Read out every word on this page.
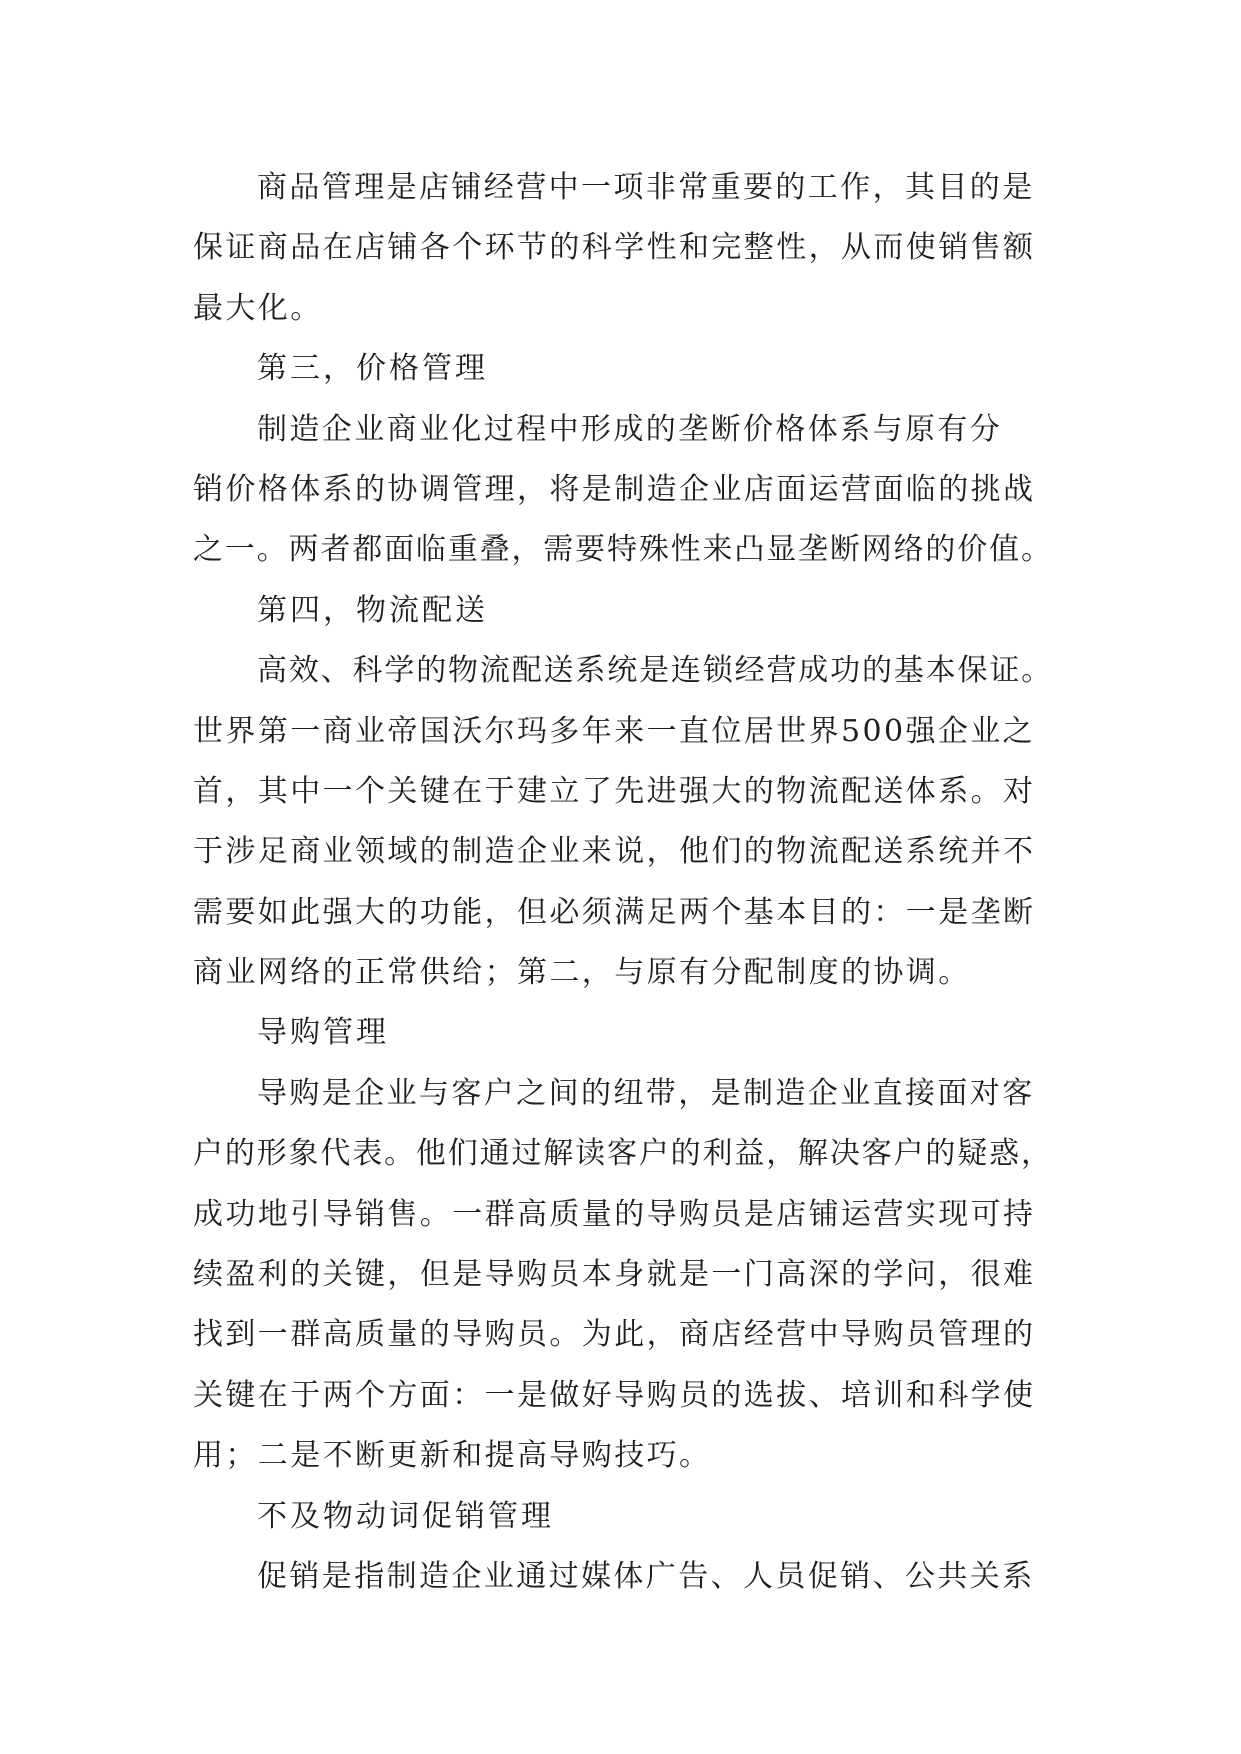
商品管理是店铺经营中一项非常重要的工作，其目的是
保证商品在店铺各个环节的科学性和完整性，从而使销售额
最大化。
第三，价格管理
制造企业商业化过程中形成的垄断价格体系与原有分
销价格体系的协调管理，将是制造企业店面运营面临的挑战
之一。两者都面临重叠，需要特殊性来凸显垄断网络的价值。
第四，物流配送
高效、科学的物流配送系统是连锁经营成功的基本保证。
世界第一商业帝国沃尔玛多年来一直位居世界500强企业之
首，其中一个关键在于建立了先进强大的物流配送体系。对
于涉足商业领域的制造企业来说，他们的物流配送系统并不
需要如此强大的功能，但必须满足两个基本目的：一是垄断
商业网络的正常供给；第二，与原有分配制度的协调。
导购管理
导购是企业与客户之间的纽带，是制造企业直接面对客
户的形象代表。他们通过解读客户的利益，解决客户的疑惑，
成功地引导销售。一群高质量的导购员是店铺运营实现可持
续盈利的关键，但是导购员本身就是一门高深的学问，很难
找到一群高质量的导购员。为此，商店经营中导购员管理的
关键在于两个方面：一是做好导购员的选拔、培训和科学使
用；二是不断更新和提高导购技巧。
不及物动词促销管理
促销是指制造企业通过媒体广告、人员促销、公共关系
